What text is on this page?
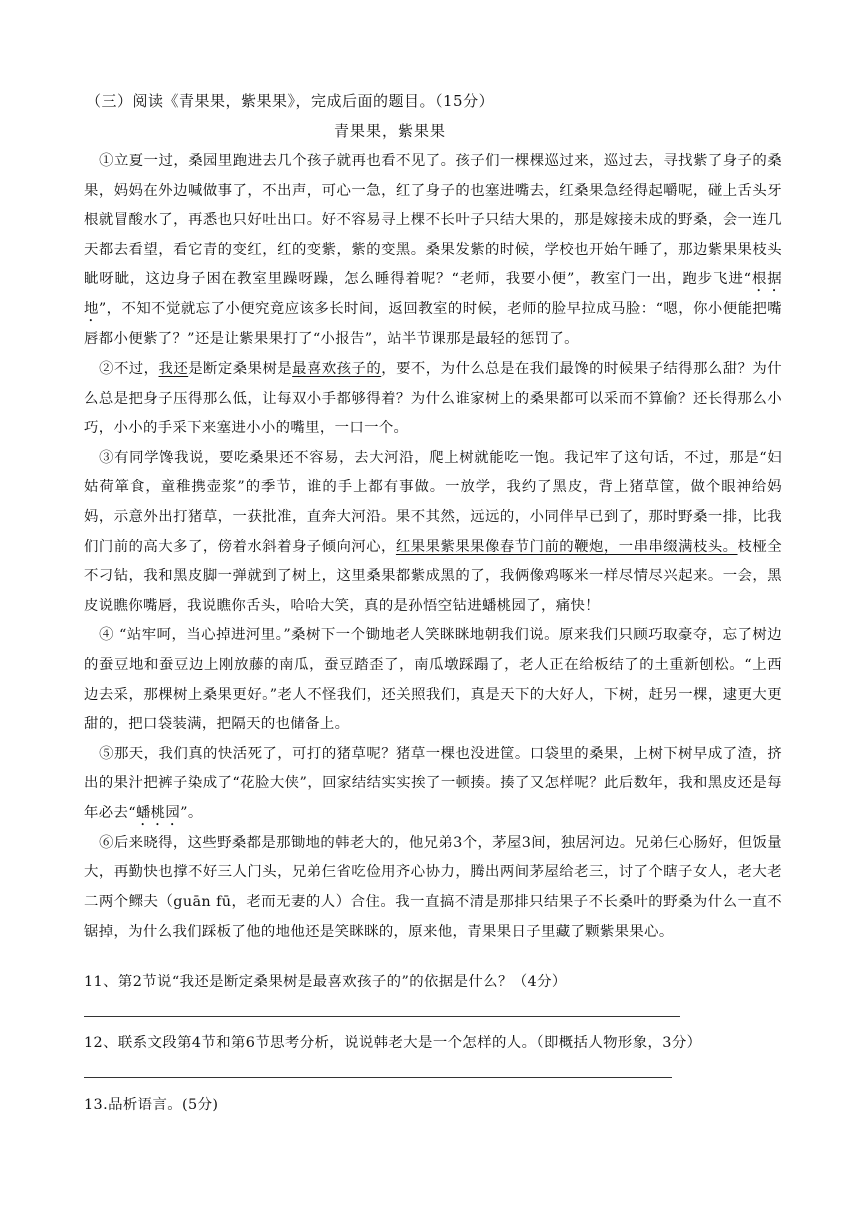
（三）阅读《青果果，紫果果》，完成后面的题目。（15分）
青果果，紫果果

①立夏一过，桑园里跑进去几个孩子就再也看不见了。孩子们一棵棵巡过来，巡过去，寻找紫了身子的桑果，妈妈在外边喊做事了，不出声，可心一急，红了身子的也塞进嘴去，红桑果急经得起嚼呢，碰上舌头牙根就冒酸水了，再悉也只好吐出口。好不容易寻上棵不长叶子只结大果的，那是嫁接未成的野桑，会一连几天都去看望，看它青的变红，红的变紫，紫的变黑。桑果发紫的时候，学校也开始午睡了，那边紫果果枝头眦呀眦，这边身子困在教室里躁呀躁，怎么睡得着呢？“老师，我要小便”，教室门一出，跑步飞进“根据地”，不知不觉就忘了小便究竟应该多长时间，返回教室的时候，老师的脸早拉成马脸：“嗯，你小便能把嘴唇都小便紫了？”还是让紫果果打了“小报告”，站半节课那是最轻的惩罚了。

②不过，我还是断定桑果树是最喜欢孩子的，要不，为什么总是在我们最馋的时候果子结得那么甜？为什么总是把身子压得那么低，让每双小手都够得着？为什么谁家树上的桑果都可以采而不算偷？还长得那么小巧，小小的手采下来塞进小小的嘴里，一口一个。

③有同学馋我说，要吃桑果还不容易，去大河沿，爬上树就能吃一饱。我记牢了这句话，不过，那是“妇姑荷箪食，童稚携壶浆”的季节，谁的手上都有事做。一放学，我约了黑皮，背上猪草筐，做个眼神给妈妈，示意外出打猪草，一获批准，直奔大河沿。果不其然，远远的，小同伴早已到了，那时野桑一排，比我们门前的高大多了，傍着水斜着身子倾向河心，红果果紫果果像春节门前的鞭炮，一串串缀满枝头。枝桠全不刁钻，我和黑皮脚一弹就到了树上，这里桑果都紫成黑的了，我俩像鸡啄米一样尽情尽兴起来。一会，黑皮说瞧你嘴唇，我说瞧你舌头，哈哈大笑，真的是孙悟空钻进蟠桃园了，痛快！

④ “站牢呵，当心掉进河里。”桑树下一个锄地老人笑眯眯地朝我们说。原来我们只顾巧取豪夺，忘了树边的蚕豆地和蚕豆边上刚放藤的南瓜，蚕豆踏歪了，南瓜墩踩蹋了，老人正在给板结了的土重新刨松。“上西边去采，那棵树上桑果更好。”老人不怪我们，还关照我们，真是天下的大好人，下树，赶另一棵，逮更大更甜的，把口袋装满，把隔天的也储备上。

⑤那天，我们真的快活死了，可打的猪草呢？猪草一棵也没进筐。口袋里的桑果，上树下树早成了渣，挤出的果汁把裤子染成了“花脸大侠”，回家结结实实挨了一顿揍。揍了又怎样呢？此后数年，我和黑皮还是每年必去“蟠桃园”。

⑥后来晓得，这些野桑都是那锄地的韩老大的，他兄弟3个，茅屋3间，独居河边。兄弟仨心肠好，但饭量大，再勤快也撑不好三人门头，兄弟仨省吃俭用齐心协力，腾出两间茅屋给老三，讨了个瞎子女人，老大老二两个鳏夫（guān fū，老而无妻的人）合住。我一直搞不清是那排只结果子不长桑叶的野桑为什么一直不锯掉，为什么我们踩板了他的地他还是笑眯眯的，原来他，青果果日子里藏了颗紫果果心。

11、第2节说“我还是断定桑果树是最喜欢孩子的”的依据是什么？（4分）
12、联系文段第4节和第6节思考分析，说说韩老大是一个怎样的人。（即概括人物形象，3分）
13.品析语言。(5分)
